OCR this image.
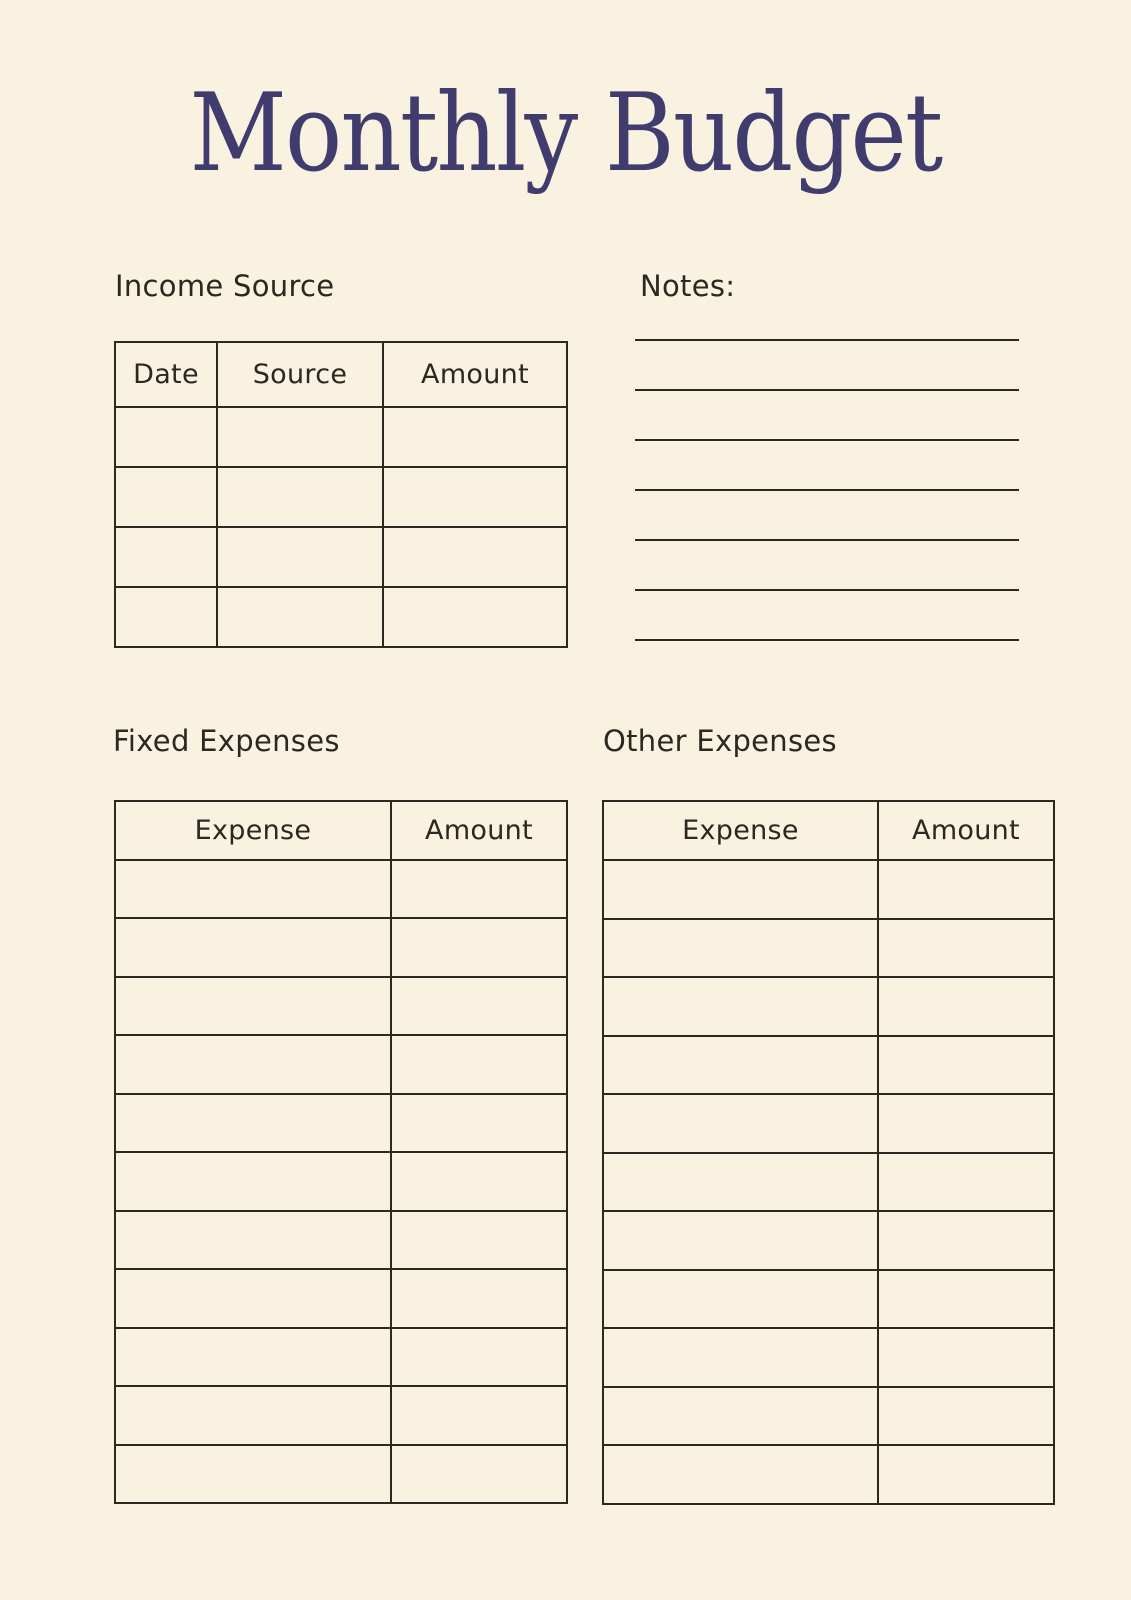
Monthly Budget
Income Source	Notes:
Date	Source	Amount

Fixed Expenses	Other Expenses
Expense	Amount

		Expense	Amount
